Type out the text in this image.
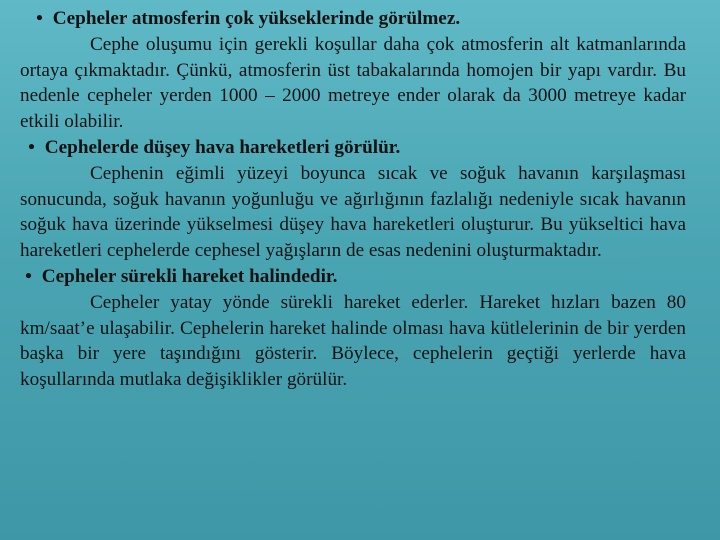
• Cepheler atmosferin çok yükseklerinde görülmez.

Cephe oluşumu için gerekli koşullar daha çok atmosferin alt katmanlarında ortaya çıkmaktadır. Çünkü, atmosferin üst tabakalarında homojen bir yapı vardır. Bu nedenle cepheler yerden 1000 – 2000 metreye ender olarak da 3000 metreye kadar etkili olabilir.

• Cephelerde düşey hava hareketleri görülür.

Cephenin eğimli yüzeyi boyunca sıcak ve soğuk havanın karşılaşması sonucunda, soğuk havanın yoğunluğu ve ağırlığının fazlalığı nedeniyle sıcak havanın soğuk hava üzerinde yükselmesi düşey hava hareketleri oluşturur. Bu yükseltici hava hareketleri cephelerde cephesel yağışların de esas nedenini oluşturmaktadır.

• Cepheler sürekli hareket halindedir.

Cepheler yatay yönde sürekli hareket ederler. Hareket hızları bazen 80 km/saat’e ulaşabilir. Cephelerin hareket halinde olması hava kütlelerinin de bir yerden başka bir yere taşındığını gösterir. Böylece, cephelerin geçtiği yerlerde hava koşullarında mutlaka değişiklikler görülür.
